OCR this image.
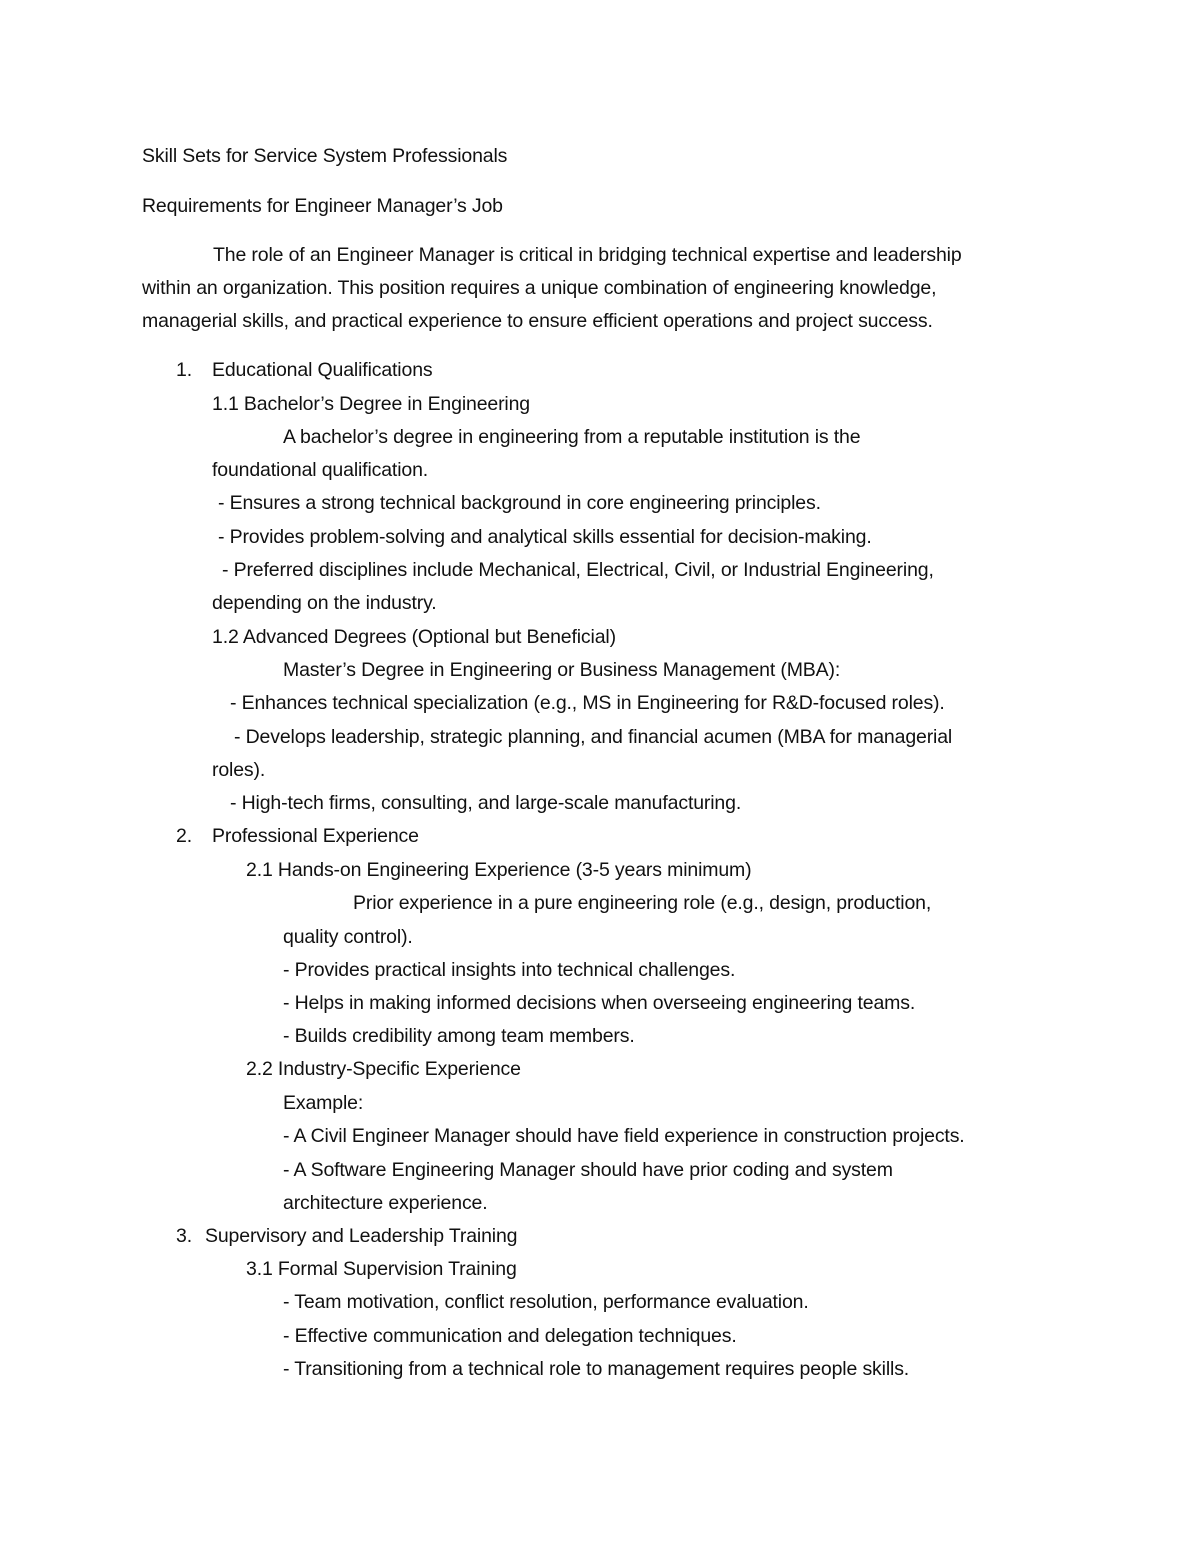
Skill Sets for Service System Professionals
Requirements for Engineer Manager’s Job
The role of an Engineer Manager is critical in bridging technical expertise and leadership
within an organization. This position requires a unique combination of engineering knowledge,
managerial skills, and practical experience to ensure efficient operations and project success.
1. Educational Qualifications
1.1 Bachelor’s Degree in Engineering
A bachelor’s degree in engineering from a reputable institution is the
foundational qualification.
- Ensures a strong technical background in core engineering principles.
- Provides problem-solving and analytical skills essential for decision-making.
- Preferred disciplines include Mechanical, Electrical, Civil, or Industrial Engineering,
depending on the industry.
1.2 Advanced Degrees (Optional but Beneficial)
Master’s Degree in Engineering or Business Management (MBA):
- Enhances technical specialization (e.g., MS in Engineering for R&D-focused roles).
- Develops leadership, strategic planning, and financial acumen (MBA for managerial
roles).
- High-tech firms, consulting, and large-scale manufacturing.
2. Professional Experience
2.1 Hands-on Engineering Experience (3-5 years minimum)
Prior experience in a pure engineering role (e.g., design, production,
quality control).
- Provides practical insights into technical challenges.
- Helps in making informed decisions when overseeing engineering teams.
- Builds credibility among team members.
2.2 Industry-Specific Experience
Example:
- A Civil Engineer Manager should have field experience in construction projects.
- A Software Engineering Manager should have prior coding and system
architecture experience.
3. Supervisory and Leadership Training
3.1 Formal Supervision Training
- Team motivation, conflict resolution, performance evaluation.
- Effective communication and delegation techniques.
- Transitioning from a technical role to management requires people skills.
